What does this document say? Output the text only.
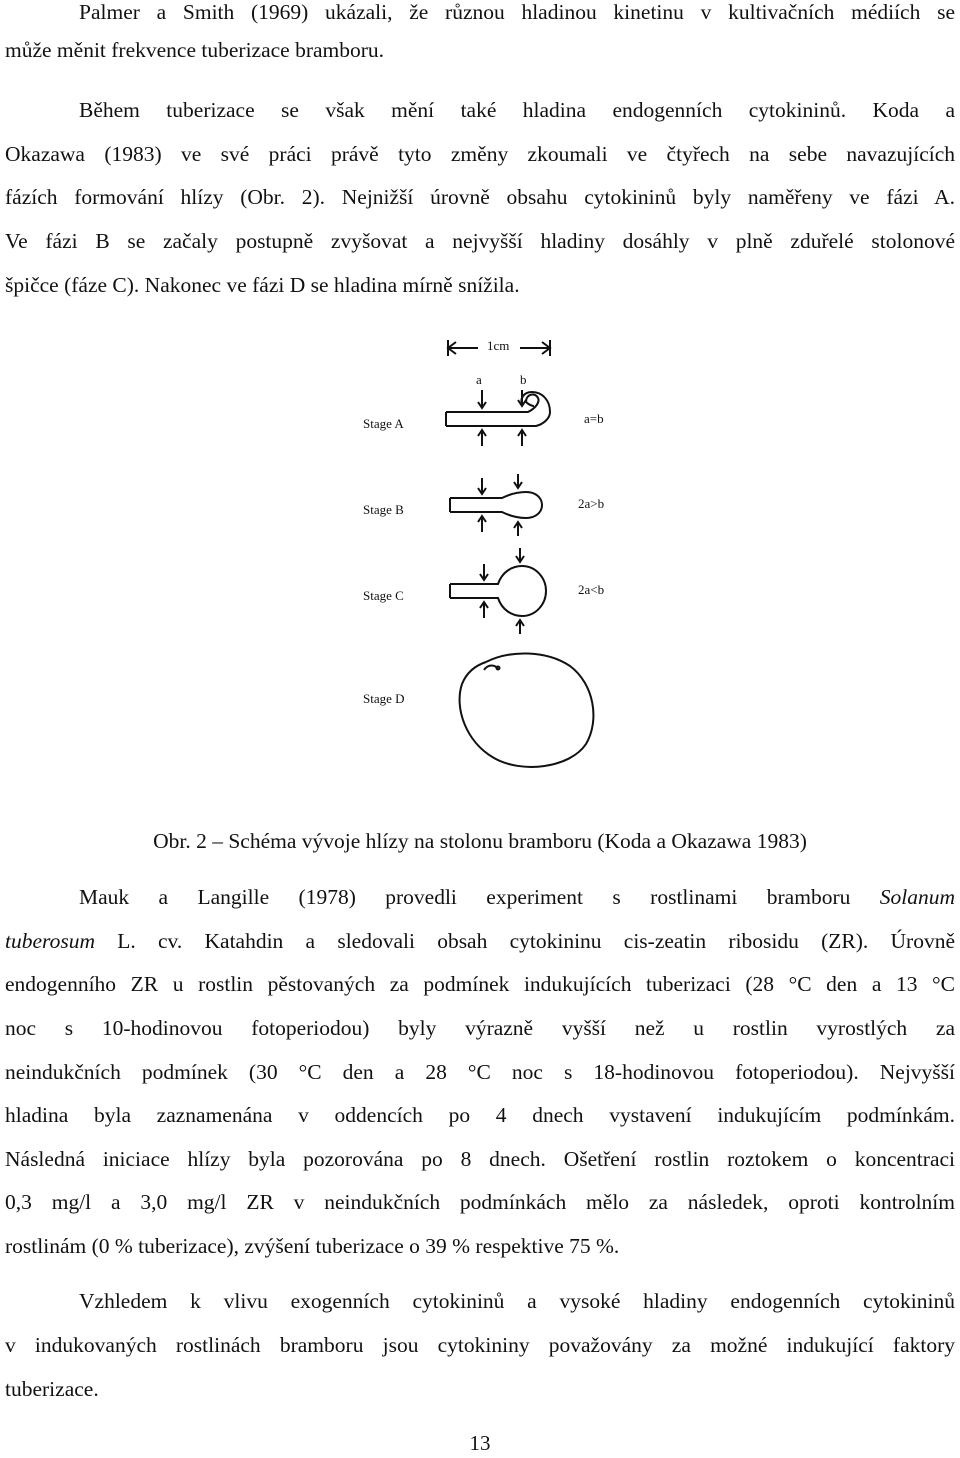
Palmer a Smith (1969) ukázali, že různou hladinou kinetinu v kultivačních médiích se
může měnit frekvence tuberizace bramboru.
Během tuberizace se však mění také hladina endogenních cytokininů. Koda a
Okazawa (1983) ve své práci právě tyto změny zkoumali ve čtyřech na sebe navazujících
fázích formování hlízy (Obr. 2). Nejnižší úrovně obsahu cytokininů byly naměřeny ve fázi A.
Ve fázi B se začaly postupně zvyšovat a nejvyšší hladiny dosáhly v plně zduřelé stolonové
špičce (fáze C). Nakonec ve fázi D se hladina mírně snížila.
1cm
a	b
Stage A	a=b
Stage B	2a>b
Stage C	2a<b
Stage D
Obr. 2 – Schéma vývoje hlízy na stolonu bramboru (Koda a Okazawa 1983)
Mauk a Langille (1978) provedli experiment s rostlinami bramboru Solanum
tuberosum L. cv. Katahdin a sledovali obsah cytokininu cis-zeatin ribosidu (ZR). Úrovně
endogenního ZR u rostlin pěstovaných za podmínek indukujících tuberizaci (28 °C den a 13 °C
noc s 10-hodinovou fotoperiodou) byly výrazně vyšší než u rostlin vyrostlých za
neindukčních podmínek (30 °C den a 28 °C noc s 18-hodinovou fotoperiodou). Nejvyšší
hladina byla zaznamenána v oddencích po 4 dnech vystavení indukujícím podmínkám.
Následná iniciace hlízy byla pozorována po 8 dnech. Ošetření rostlin roztokem o koncentraci
0,3 mg/l a 3,0 mg/l ZR v neindukčních podmínkách mělo za následek, oproti kontrolním
rostlinám (0 % tuberizace), zvýšení tuberizace o 39 % respektive 75 %.
Vzhledem k vlivu exogenních cytokininů a vysoké hladiny endogenních cytokininů
v indukovaných rostlinách bramboru jsou cytokininy považovány za možné indukující faktory
tuberizace.
13
